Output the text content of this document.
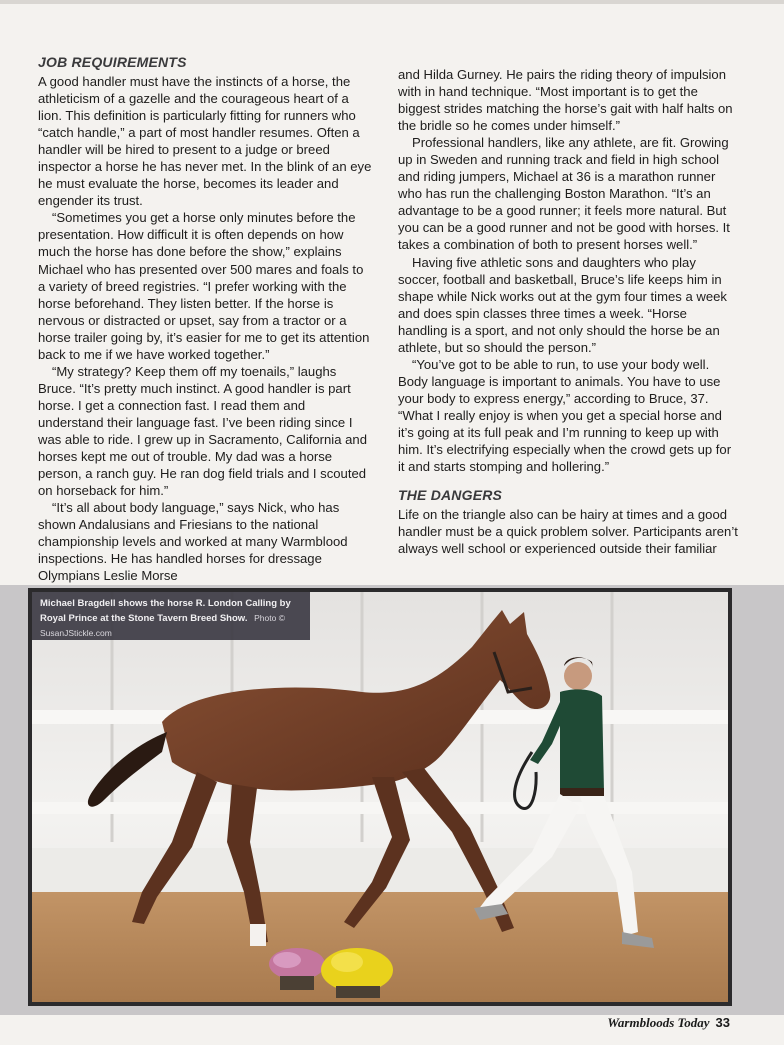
JOB REQUIREMENTS

A good handler must have the instincts of a horse, the athleticism of a gazelle and the courageous heart of a lion. This definition is particularly fitting for runners who “catch handle,” a part of most handler resumes. Often a handler will be hired to present to a judge or breed inspector a horse he has never met. In the blink of an eye he must evaluate the horse, becomes its leader and engender its trust.

“Sometimes you get a horse only minutes before the presentation. How difficult it is often depends on how much the horse has done before the show,” explains Michael who has presented over 500 mares and foals to a variety of breed registries. “I prefer working with the horse beforehand. They listen better. If the horse is nervous or distracted or upset, say from a tractor or a horse trailer going by, it’s easier for me to get its attention back to me if we have worked together.”

“My strategy? Keep them off my toenails,” laughs Bruce. “It’s pretty much instinct. A good handler is part horse. I get a connection fast. I read them and understand their language fast. I’ve been riding since I was able to ride. I grew up in Sacramento, California and horses kept me out of trouble. My dad was a horse person, a ranch guy. He ran dog field trials and I scouted on horseback for him.”

“It’s all about body language,” says Nick, who has shown Andalusians and Friesians to the national championship levels and worked at many Warmblood inspections. He has handled horses for dressage Olympians Leslie Morse

and Hilda Gurney. He pairs the riding theory of impulsion with in hand technique. “Most important is to get the biggest strides matching the horse’s gait with half halts on the bridle so he comes under himself.”

Professional handlers, like any athlete, are fit. Growing up in Sweden and running track and field in high school and riding jumpers, Michael at 36 is a marathon runner who has run the challenging Boston Marathon. “It’s an advantage to be a good runner; it feels more natural. But you can be a good runner and not be good with horses. It takes a combination of both to present horses well.”

Having five athletic sons and daughters who play soccer, football and basketball, Bruce’s life keeps him in shape while Nick works out at the gym four times a week and does spin classes three times a week. “Horse handling is a sport, and not only should the horse be an athlete, but so should the person.”

“You’ve got to be able to run, to use your body well. Body language is important to animals. You have to use your body to express energy,” according to Bruce, 37. “What I really enjoy is when you get a special horse and it’s going at its full peak and I’m running to keep up with him. It’s electrifying especially when the crowd gets up for it and starts stomping and hollering.”

THE DANGERS

Life on the triangle also can be hairy at times and a good handler must be a quick problem solver. Participants aren’t always well school or experienced outside their familiar

Michael Bragdell shows the horse R. London Calling by Royal Prince at the Stone Tavern Breed Show. Photo © SusanJStickle.com
Warmbloods Today 33
